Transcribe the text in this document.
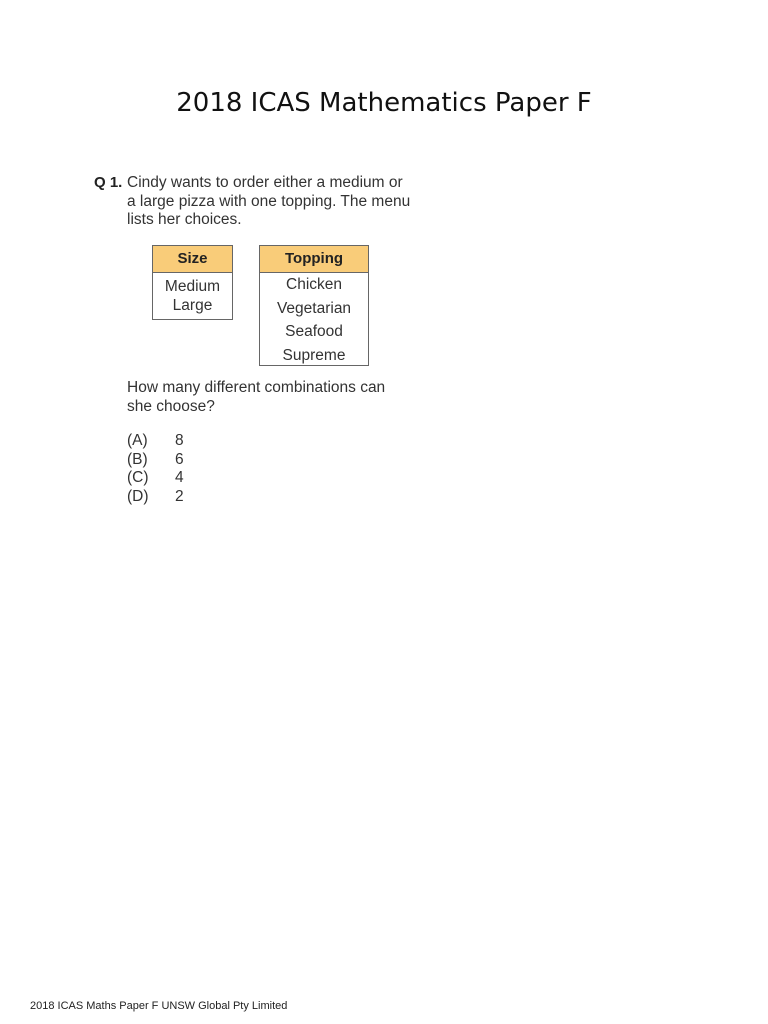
2018 ICAS Mathematics Paper F
Q 1. Cindy wants to order either a medium or
a large pizza with one topping. The menu
lists her choices.
Size
Medium
Large
Topping
Chicken
Vegetarian
Seafood
Supreme
How many different combinations can
she choose?
(A)	8
(B)	6
(C)	4
(D)	2
2018 ICAS Maths Paper F UNSW Global Pty Limited
